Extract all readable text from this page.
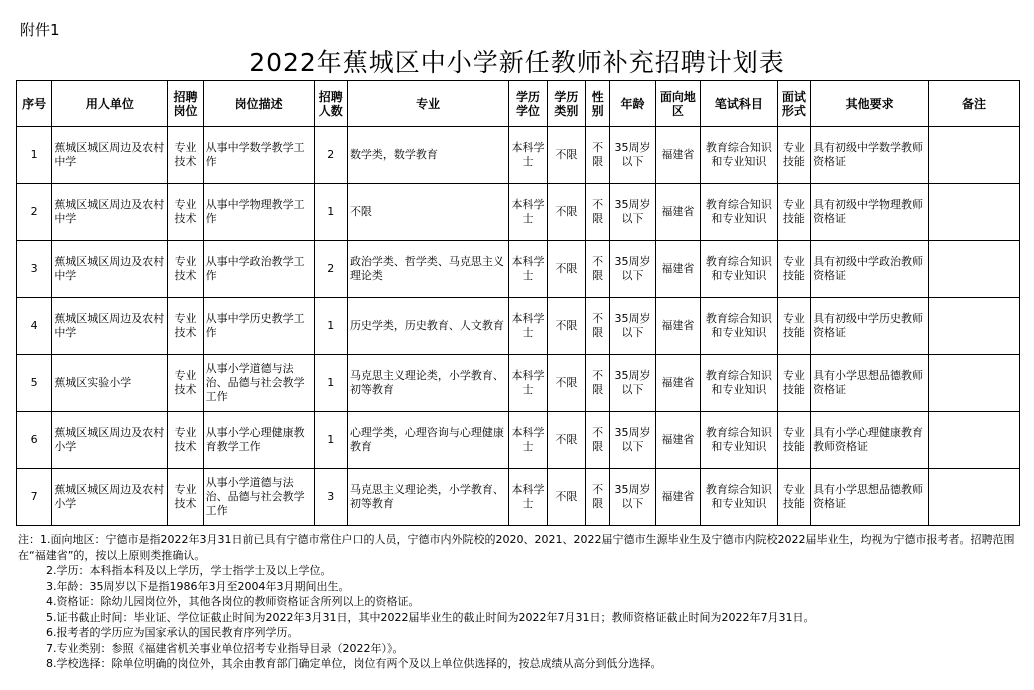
附件1
2022年蕉城区中小学新任教师补充招聘计划表
序号	用人单位	招聘岗位	岗位描述	招聘人数	专业	学历学位	学历类别	性别	年龄	面向地区	笔试科目	面试形式	其他要求	备注
1	蕉城区城区周边及农村中学	专业技术	从事中学数学教学工作	2	数学类，数学教育	本科学士	不限	不限	35周岁以下	福建省	教育综合知识和专业知识	专业技能	具有初级中学数学教师资格证	
2	蕉城区城区周边及农村中学	专业技术	从事中学物理教学工作	1	不限	本科学士	不限	不限	35周岁以下	福建省	教育综合知识和专业知识	专业技能	具有初级中学物理教师资格证	
3	蕉城区城区周边及农村中学	专业技术	从事中学政治教学工作	2	政治学类、哲学类、马克思主义理论类	本科学士	不限	不限	35周岁以下	福建省	教育综合知识和专业知识	专业技能	具有初级中学政治教师资格证	
4	蕉城区城区周边及农村中学	专业技术	从事中学历史教学工作	1	历史学类，历史教育、人文教育	本科学士	不限	不限	35周岁以下	福建省	教育综合知识和专业知识	专业技能	具有初级中学历史教师资格证	
5	蕉城区实验小学	专业技术	从事小学道德与法治、品德与社会教学工作	1	马克思主义理论类，小学教育、初等教育	本科学士	不限	不限	35周岁以下	福建省	教育综合知识和专业知识	专业技能	具有小学思想品德教师资格证	
6	蕉城区城区周边及农村小学	专业技术	从事小学心理健康教育教学工作	1	心理学类，心理咨询与心理健康教育	本科学士	不限	不限	35周岁以下	福建省	教育综合知识和专业知识	专业技能	具有小学心理健康教育教师资格证	
7	蕉城区城区周边及农村小学	专业技术	从事小学道德与法治、品德与社会教学工作	3	马克思主义理论类，小学教育、初等教育	本科学士	不限	不限	35周岁以下	福建省	教育综合知识和专业知识	专业技能	具有小学思想品德教师资格证	
注：1.面向地区：宁德市是指2022年3月31日前已具有宁德市常住户口的人员，宁德市内外院校的2020、2021、2022届宁德市生源毕业生及宁德市内院校2022届毕业生，均视为宁德市报考者。招聘范围在“福建省”的，按以上原则类推确认。
2.学历：本科指本科及以上学历，学士指学士及以上学位。
3.年龄：35周岁以下是指1986年3月至2004年3月期间出生。
4.资格证：除幼儿园岗位外，其他各岗位的教师资格证含所列以上的资格证。
5.证书截止时间：毕业证、学位证截止时间为2022年3月31日，其中2022届毕业生的截止时间为2022年7月31日；教师资格证截止时间为2022年7月31日。
6.报考者的学历应为国家承认的国民教育序列学历。
7.专业类别：参照《福建省机关事业单位招考专业指导目录（2022年）》。
8.学校选择：除单位明确的岗位外，其余由教育部门确定单位，岗位有两个及以上单位供选择的，按总成绩从高分到低分选择。
